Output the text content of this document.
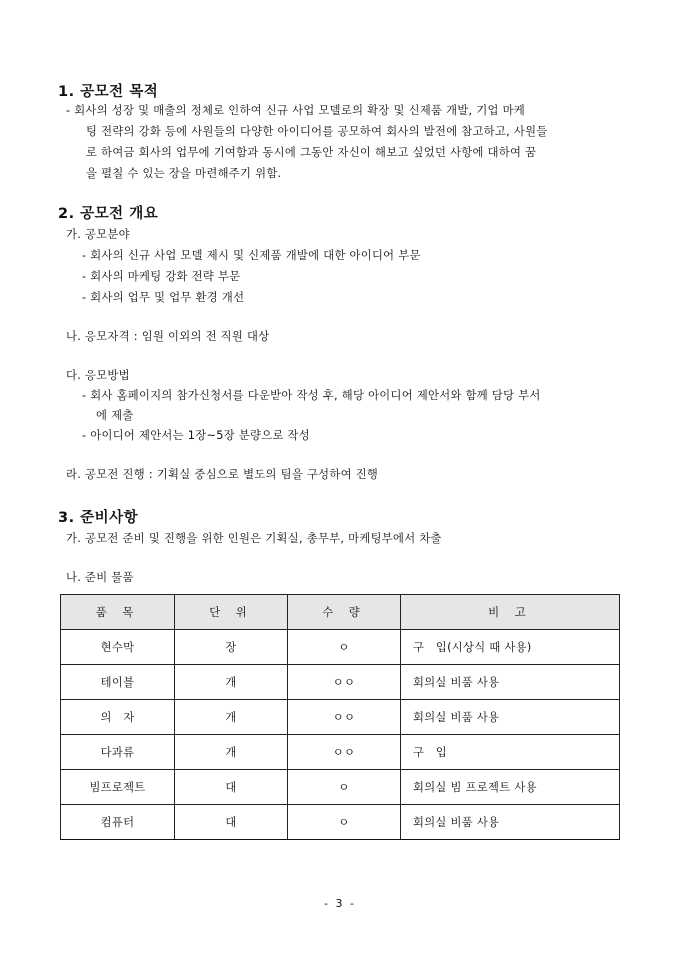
1. 공모전 목적
- 회사의 성장 및 매출의 정체로 인하여 신규 사업 모델로의 확장 및 신제품 개발, 기업 마케
팅 전략의 강화 등에 사원들의 다양한 아이디어를 공모하여 회사의 발전에 참고하고, 사원들
로 하여금 회사의 업무에 기여함과 동시에 그동안 자신이 해보고 싶었던 사항에 대하여 꿈
을 펼칠 수 있는 장을 마련해주기 위함.
2. 공모전 개요
가. 공모분야
- 회사의 신규 사업 모델 제시 및 신제품 개발에 대한 아이디어 부문
- 회사의 마케팅 강화 전략 부문
- 회사의 업무 및 업무 환경 개선
나. 응모자격 : 임원 이외의 전 직원 대상
다. 응모방법
- 회사 홈페이지의 참가신청서를 다운받아 작성 후, 해당 아이디어 제안서와 함께 담당 부서
에 제출
- 아이디어 제안서는 1장~5장 분량으로 작성
라. 공모전 진행 : 기획실 중심으로 별도의 팀을 구성하여 진행
3. 준비사항
가. 공모전 준비 및 진행을 위한 인원은 기획실, 총무부, 마케팅부에서 차출
나. 준비 물품
품 목	단 위	수 량	비 고
현수막	장	ㅇ	구   입(시상식 때 사용)
테이블	개	ㅇㅇ	회의실 비품 사용
의   자	개	ㅇㅇ	회의실 비품 사용
다과류	개	ㅇㅇ	구   입
빔프로젝트	대	ㅇ	회의실 빔 프로젝트 사용
컴퓨터	대	ㅇ	회의실 비품 사용
- 3 -
